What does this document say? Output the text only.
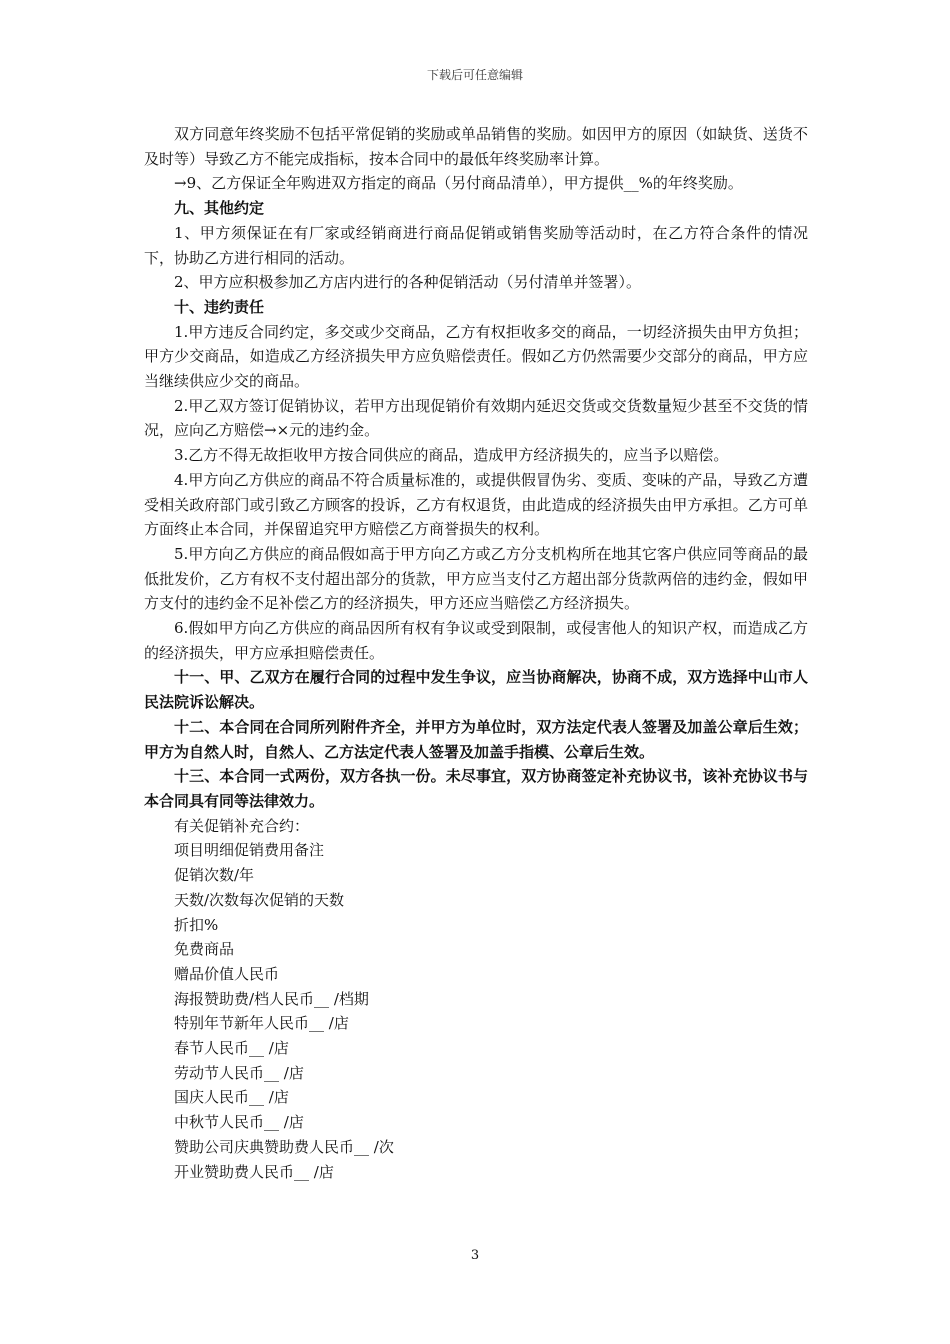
下载后可任意编辑

双方同意年终奖励不包括平常促销的奖励或单品销售的奖励。如因甲方的原因（如缺货、送货不及时等）导致乙方不能完成指标，按本合同中的最低年终奖励率计算。

→9、乙方保证全年购进双方指定的商品（另付商品清单），甲方提供__%的年终奖励。

九、其他约定

1、甲方须保证在有厂家或经销商进行商品促销或销售奖励等活动时，在乙方符合条件的情况下，协助乙方进行相同的活动。

2、甲方应积极参加乙方店内进行的各种促销活动（另付清单并签署）。

十、违约责任

1.甲方违反合同约定，多交或少交商品，乙方有权拒收多交的商品，一切经济损失由甲方负担；甲方少交商品，如造成乙方经济损失甲方应负赔偿责任。假如乙方仍然需要少交部分的商品，甲方应当继续供应少交的商品。

2.甲乙双方签订促销协议，若甲方出现促销价有效期内延迟交货或交货数量短少甚至不交货的情况，应向乙方赔偿→×元的违约金。

3.乙方不得无故拒收甲方按合同供应的商品，造成甲方经济损失的，应当予以赔偿。

4.甲方向乙方供应的商品不符合质量标准的，或提供假冒伪劣、变质、变味的产品，导致乙方遭受相关政府部门或引致乙方顾客的投诉，乙方有权退货，由此造成的经济损失由甲方承担。乙方可单方面终止本合同，并保留追究甲方赔偿乙方商誉损失的权利。

5.甲方向乙方供应的商品假如高于甲方向乙方或乙方分支机构所在地其它客户供应同等商品的最低批发价，乙方有权不支付超出部分的货款，甲方应当支付乙方超出部分货款两倍的违约金，假如甲方支付的违约金不足补偿乙方的经济损失，甲方还应当赔偿乙方经济损失。

6.假如甲方向乙方供应的商品因所有权有争议或受到限制，或侵害他人的知识产权，而造成乙方的经济损失，甲方应承担赔偿责任。

十一、甲、乙双方在履行合同的过程中发生争议，应当协商解决，协商不成，双方选择中山市人民法院诉讼解决。

十二、本合同在合同所列附件齐全，并甲方为单位时，双方法定代表人签署及加盖公章后生效；甲方为自然人时，自然人、乙方法定代表人签署及加盖手指模、公章后生效。

十三、本合同一式两份，双方各执一份。未尽事宜，双方协商签定补充协议书，该补充协议书与本合同具有同等法律效力。

有关促销补充合约：

项目明细促销费用备注

促销次数/年

天数/次数每次促销的天数

折扣%

免费商品

赠品价值人民币

海报赞助费/档人民币__ /档期

特别年节新年人民币__ /店

春节人民币__ /店

劳动节人民币__ /店

国庆人民币__ /店

中秋节人民币__ /店

赞助公司庆典赞助费人民币__ /次

开业赞助费人民币__ /店

3
